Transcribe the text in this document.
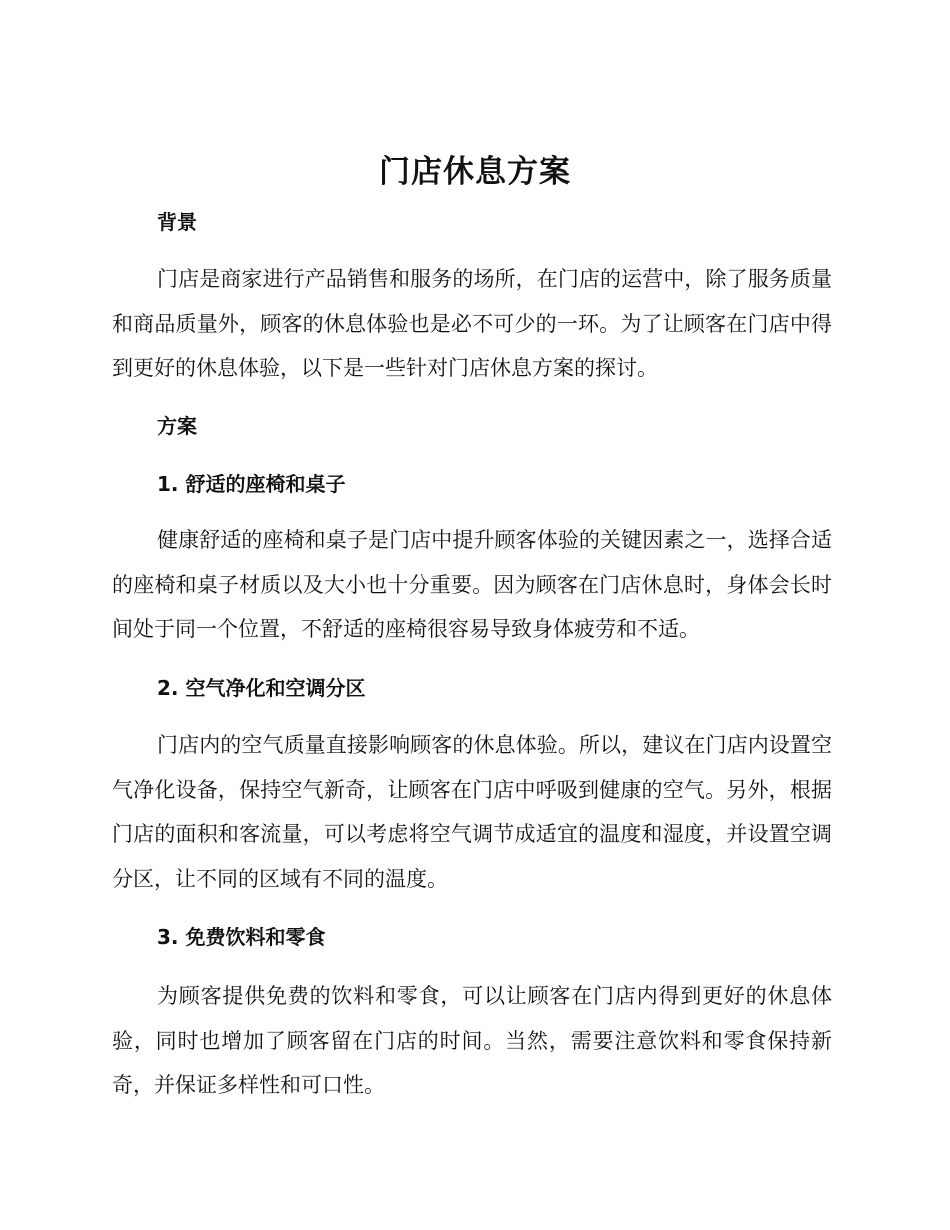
门店休息方案
背景
门店是商家进行产品销售和服务的场所，在门店的运营中，除了服务质量和商品质量外，顾客的休息体验也是必不可少的一环。为了让顾客在门店中得到更好的休息体验，以下是一些针对门店休息方案的探讨。
方案
1. 舒适的座椅和桌子
健康舒适的座椅和桌子是门店中提升顾客体验的关键因素之一，选择合适的座椅和桌子材质以及大小也十分重要。因为顾客在门店休息时，身体会长时间处于同一个位置，不舒适的座椅很容易导致身体疲劳和不适。
2. 空气净化和空调分区
门店内的空气质量直接影响顾客的休息体验。所以，建议在门店内设置空气净化设备，保持空气新奇，让顾客在门店中呼吸到健康的空气。另外，根据门店的面积和客流量，可以考虑将空气调节成适宜的温度和湿度，并设置空调分区，让不同的区域有不同的温度。
3. 免费饮料和零食
为顾客提供免费的饮料和零食，可以让顾客在门店内得到更好的休息体验，同时也增加了顾客留在门店的时间。当然，需要注意饮料和零食保持新奇，并保证多样性和可口性。
